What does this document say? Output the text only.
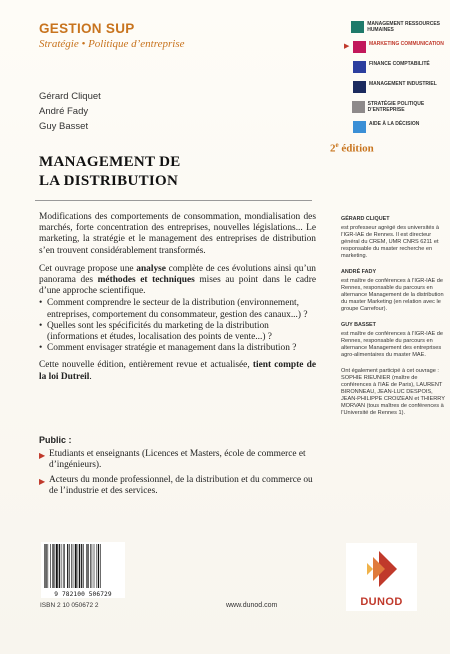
GESTION SUP
Stratégie • Politique d’entreprise
MANAGEMENT RESSOURCES HUMAINES
▶	MARKETING COMMUNICATION
FINANCE COMPTABILITÉ
MANAGEMENT INDUSTRIEL
STRATÉGIE POLITIQUE D’ENTREPRISE
AIDE À LA DÉCISION
Gérard Cliquet
André Fady
Guy Basset
2e édition
MANAGEMENT DE
LA DISTRIBUTION

Modifications des comportements de consommation, mondialisation des marchés, forte concentration des entreprises, nouvelles législations... Le marketing, la stratégie et le management des entreprises de distribution s’en trouvent considérablement transformés.

Cet ouvrage propose une analyse complète de ces évolutions ainsi qu’un panorama des méthodes et techniques mises au point dans le cadre d’une approche scientifique.

• Comment comprendre le secteur de la distribution (environnement, entreprises, comportement du consommateur, gestion des canaux...) ?
• Quelles sont les spécificités du marketing de la distribution (informations et études, localisation des points de vente...) ?
• Comment envisager stratégie et management dans la distribution ?

Cette nouvelle édition, entièrement revue et actualisée, tient compte de la loi Dutreil.

Public :
▶ Etudiants et enseignants (Licences et Masters, école de commerce et d’ingénieurs).
▶ Acteurs du monde professionnel, de la distribution et du commerce ou de l’industrie et des services.
GÉRARD CLIQUET
est professeur agrégé des universités à l’IGR-IAE de Rennes. Il est directeur général du CREM, UMR CNRS 6211 et responsable du master recherche en marketing.
ANDRÉ FADY
est maître de conférences à l’IGR-IAE de Rennes, responsable du parcours en alternance Management de la distribution du master Marketing (en relation avec le groupe Carrefour).
GUY BASSET
est maître de conférences à l’IGR-IAE de Rennes, responsable du parcours en alternance Management des entreprises agro-alimentaires du master MAE.
Ont également participé à cet ouvrage : SOPHIE RIEUNIER (maître de conférences à l’IAE de Paris), LAURENT BIRONNEAU, JEAN-LUC DESPOIS, JEAN-PHILIPPE CROIZEAN et THIERRY MORVAN (tous maîtres de conférences à l’Université de Rennes 1).
9 782100 506729
ISBN 2 10 050672 2	www.dunod.com	DUNOD
